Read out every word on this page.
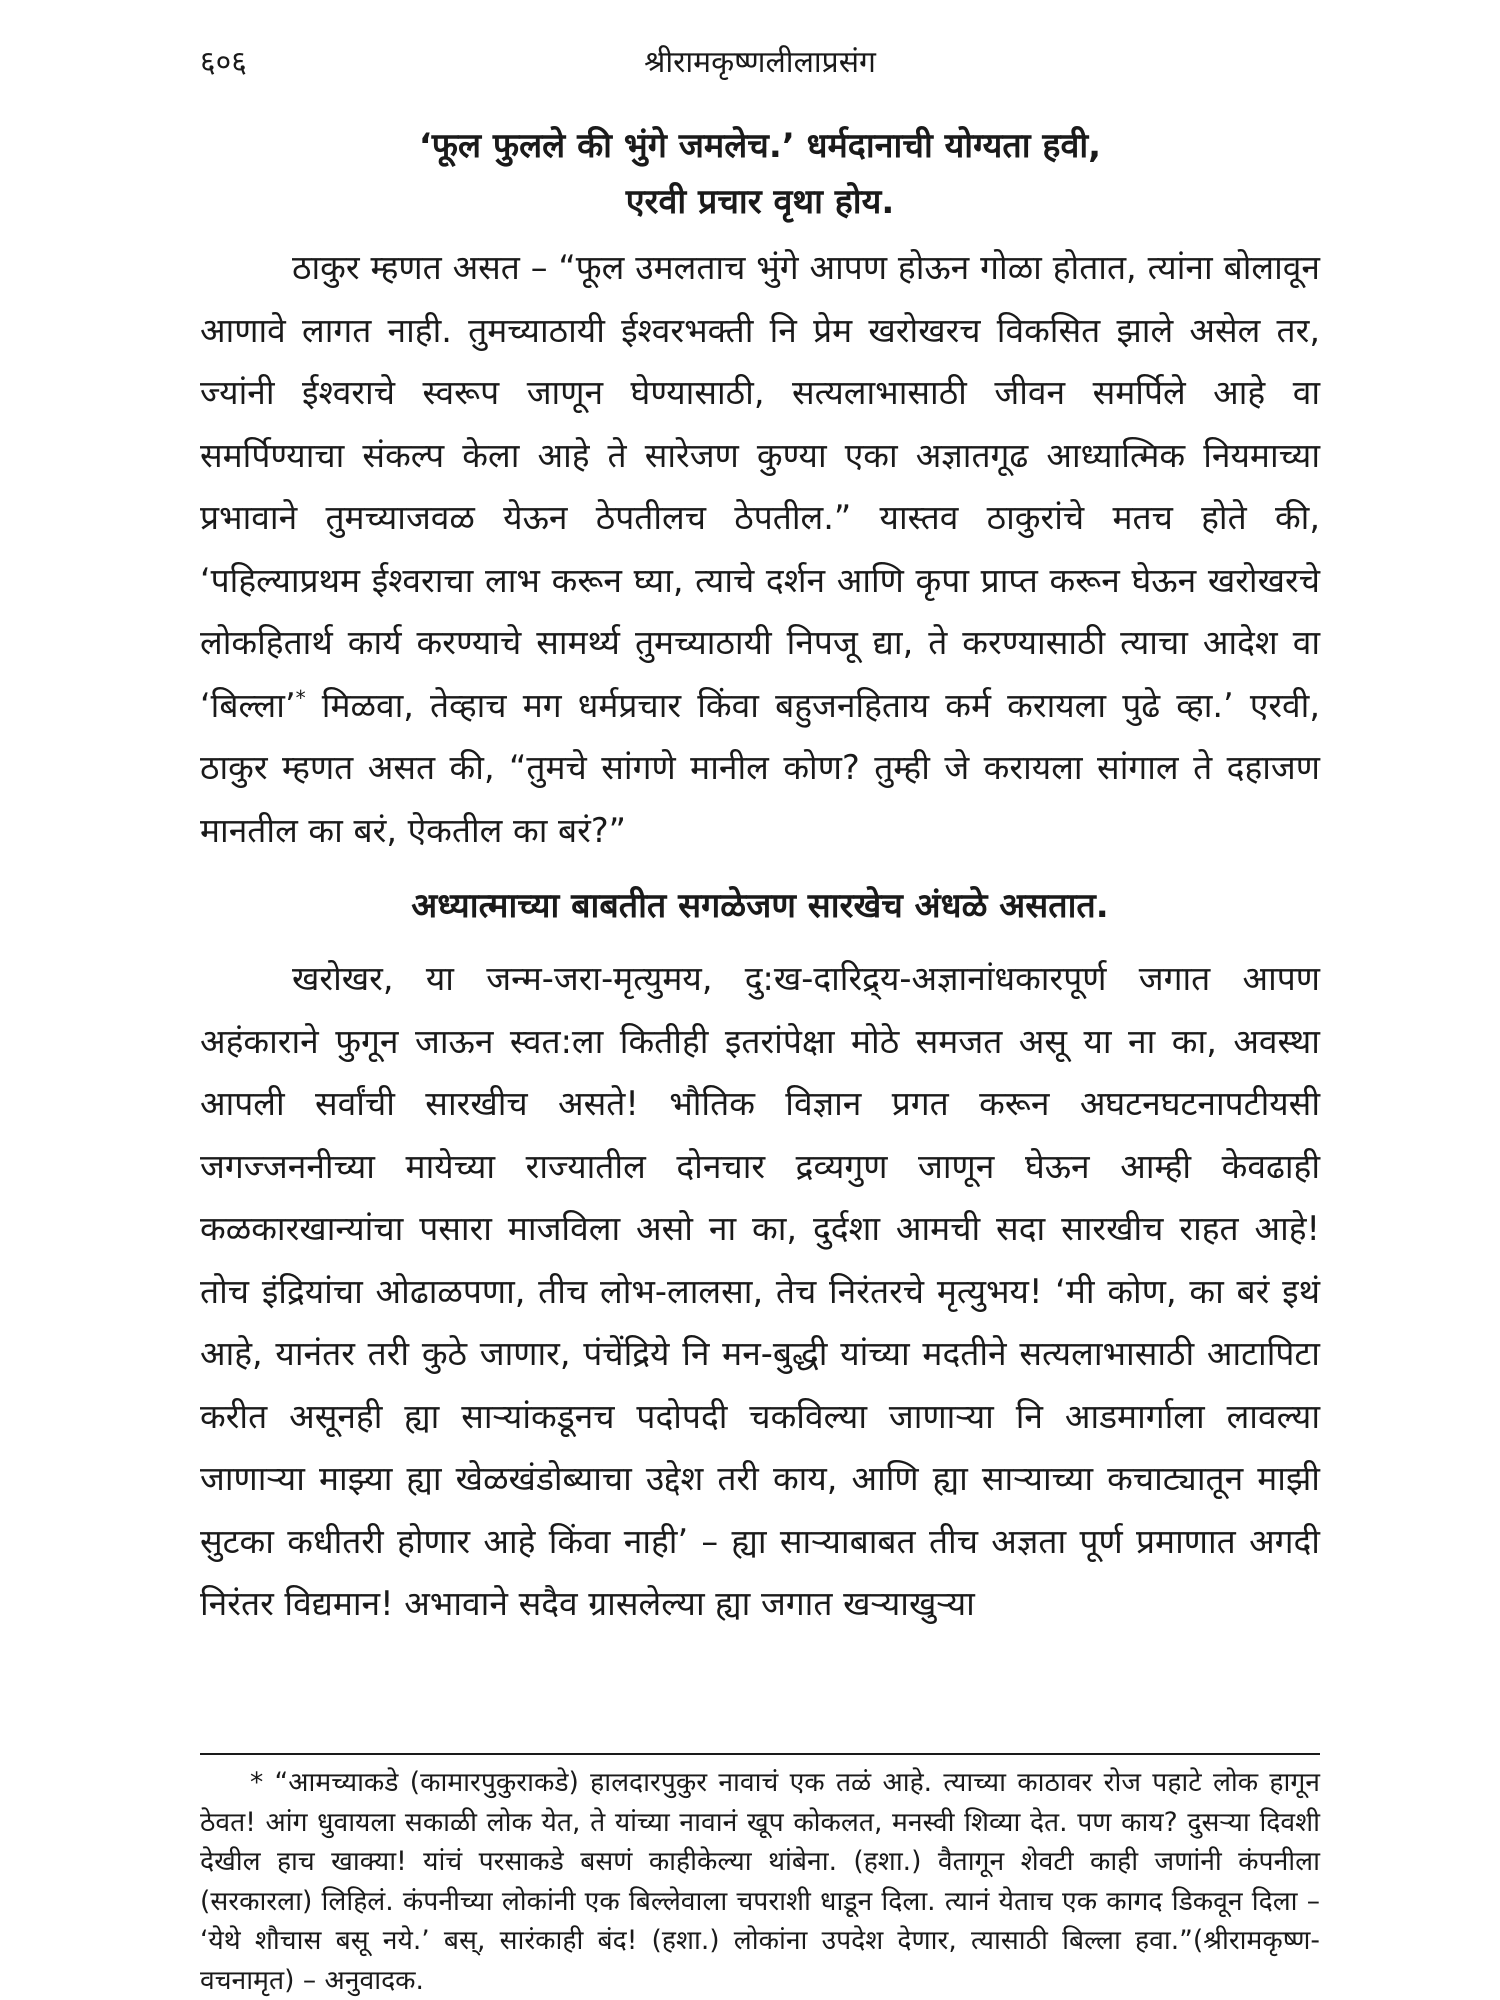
६०६	श्रीरामकृष्णलीलाप्रसंग
‘फूल फुलले की भुंगे जमलेच.’ धर्मदानाची योग्यता हवी,
एरवी प्रचार वृथा होय.
ठाकुर म्हणत असत – “फूल उमलताच भुंगे आपण होऊन गोळा होतात, त्यांना बोलावून आणावे लागत नाही. तुमच्याठायी ईश्वरभक्ती नि प्रेम खरोखरच विकसित झाले असेल तर, ज्यांनी ईश्वराचे स्वरूप जाणून घेण्यासाठी, सत्यलाभासाठी जीवन समर्पिले आहे वा समर्पिण्याचा संकल्प केला आहे ते सारेजण कुण्या एका अज्ञातगूढ आध्यात्मिक नियमाच्या प्रभावाने तुमच्याजवळ येऊन ठेपतीलच ठेपतील.” यास्तव ठाकुरांचे मतच होते की, ‘पहिल्याप्रथम ईश्वराचा लाभ करून घ्या, त्याचे दर्शन आणि कृपा प्राप्त करून घेऊन खरोखरचे लोकहितार्थ कार्य करण्याचे सामर्थ्य तुमच्याठायी निपजू द्या, ते करण्यासाठी त्याचा आदेश वा ‘बिल्ला’* मिळवा, तेव्हाच मग धर्मप्रचार किंवा बहुजनहिताय कर्म करायला पुढे व्हा.’ एरवी, ठाकुर म्हणत असत की, “तुमचे सांगणे मानील कोण? तुम्ही जे करायला सांगाल ते दहाजण मानतील का बरं, ऐकतील का बरं?”
अध्यात्माच्या बाबतीत सगळेजण सारखेच अंधळे असतात.
खरोखर, या जन्म-जरा-मृत्युमय, दु:ख-दारिद्र्य-अज्ञानांधकारपूर्ण जगात आपण अहंकाराने फुगून जाऊन स्वत:ला कितीही इतरांपेक्षा मोठे समजत असू या ना का, अवस्था आपली सर्वांची सारखीच असते! भौतिक विज्ञान प्रगत करून अघटनघटनापटीयसी जगज्जननीच्या मायेच्या राज्यातील दोनचार द्रव्यगुण जाणून घेऊन आम्ही केवढाही कळकारखान्यांचा पसारा माजविला असो ना का, दुर्दशा आमची सदा सारखीच राहत आहे! तोच इंद्रियांचा ओढाळपणा, तीच लोभ-लालसा, तेच निरंतरचे मृत्युभय! ‘मी कोण, का बरं इथं आहे, यानंतर तरी कुठे जाणार, पंचेंद्रिये नि मन-बुद्धी यांच्या मदतीने सत्यलाभासाठी आटापिटा करीत असूनही ह्या साऱ्यांकडूनच पदोपदी चकविल्या जाणाऱ्या नि आडमार्गाला लावल्या जाणाऱ्या माझ्या ह्या खेळखंडोब्याचा उद्देश तरी काय, आणि ह्या साऱ्याच्या कचाट्यातून माझी सुटका कधीतरी होणार आहे किंवा नाही’ – ह्या साऱ्याबाबत तीच अज्ञता पूर्ण प्रमाणात अगदी निरंतर विद्यमान! अभावाने सदैव ग्रासलेल्या ह्या जगात खऱ्याखुऱ्या
* “आमच्याकडे (कामारपुकुराकडे) हालदारपुकुर नावाचं एक तळं आहे. त्याच्या काठावर रोज पहाटे लोक हागून ठेवत! आंग धुवायला सकाळी लोक येत, ते यांच्या नावानं खूप कोकलत, मनस्वी शिव्या देत. पण काय? दुसऱ्या दिवशी देखील हाच खाक्या! यांचं परसाकडे बसणं काहीकेल्या थांबेना. (हशा.) वैतागून शेवटी काही जणांनी कंपनीला (सरकारला) लिहिलं. कंपनीच्या लोकांनी एक बिल्लेवाला चपराशी धाडून दिला. त्यानं येताच एक कागद डिकवून दिला – ‘येथे शौचास बसू नये.’ बस्, सारंकाही बंद! (हशा.) लोकांना उपदेश देणार, त्यासाठी बिल्ला हवा.”(श्रीरामकृष्ण-वचनामृत) – अनुवादक.
